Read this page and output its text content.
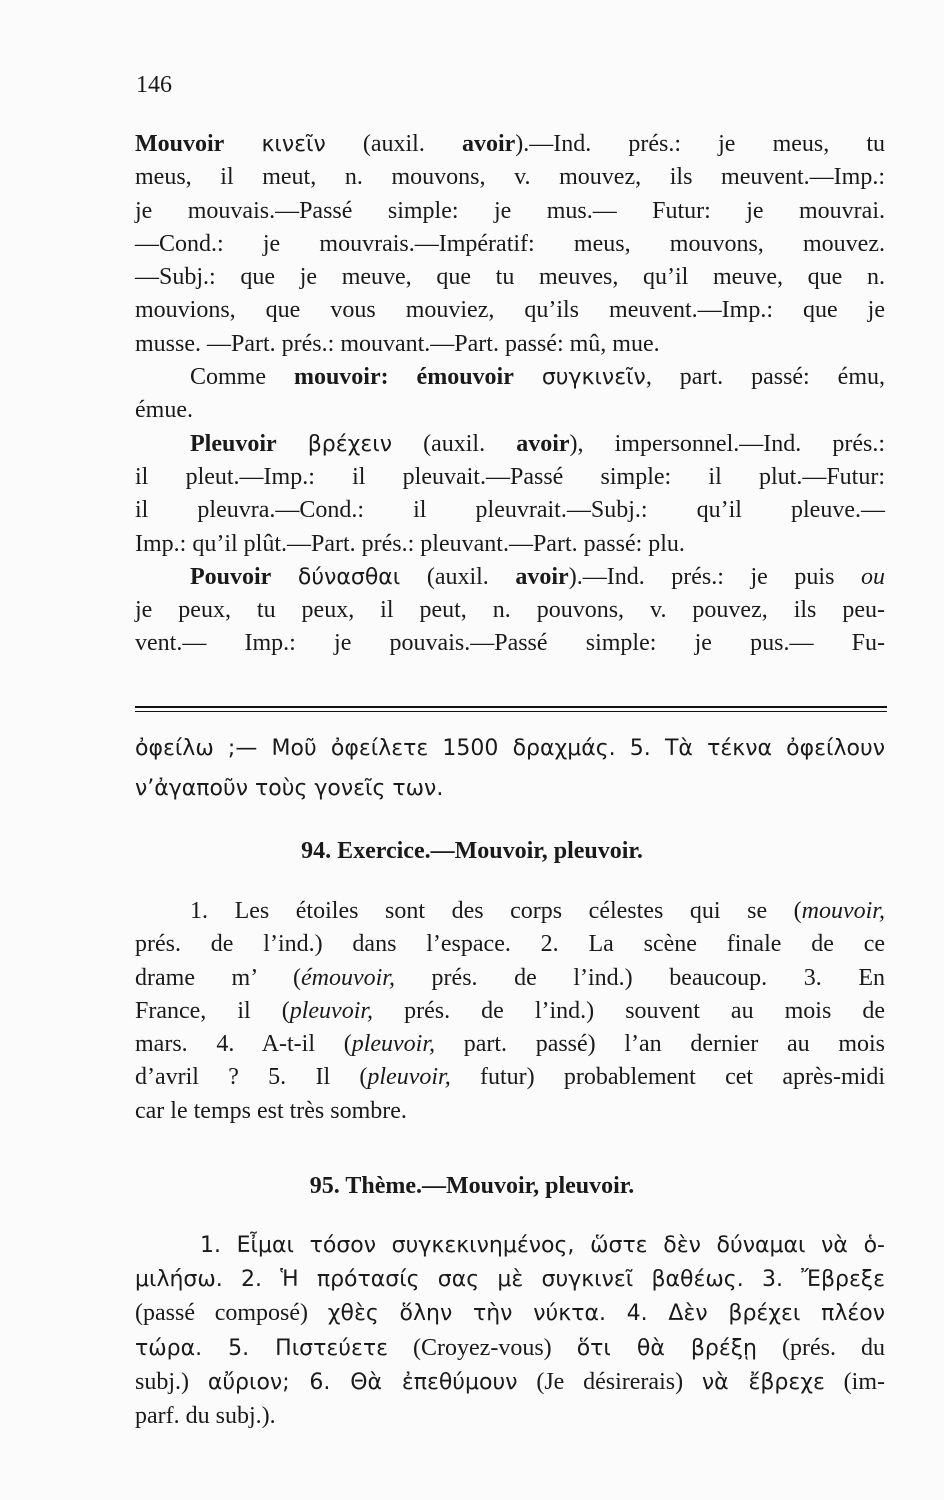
146
Mouvoir κινεῖν (auxil. avoir).—Ind. prés.: je meus, tu
meus, il meut, n. mouvons, v. mouvez, ils meuvent.—Imp.:
je mouvais.—Passé simple: je mus.— Futur: je mouvrai.
—Cond.: je mouvrais.—Impératif: meus, mouvons, mouvez.
—Subj.: que je meuve, que tu meuves, qu’il meuve, que n.
mouvions, que vous mouviez, qu’ils meuvent.—Imp.: que je
musse. —Part. prés.: mouvant.—Part. passé: mû, mue.
Comme mouvoir: émouvoir συγκινεῖν, part. passé: ému,
émue.
Pleuvoir βρέχειν (auxil. avoir), impersonnel.—Ind. prés.:
il pleut.—Imp.: il pleuvait.—Passé simple: il plut.—Futur:
il pleuvra.—Cond.: il pleuvrait.—Subj.: qu’il pleuve.—
Imp.: qu’il plût.—Part. prés.: pleuvant.—Part. passé: plu.
Pouvoir δύνασθαι (auxil. avoir).—Ind. prés.: je puis ou
je peux, tu peux, il peut, n. pouvons, v. pouvez, ils peu-
vent.— Imp.: je pouvais.—Passé simple: je pus.— Fu-
ὀφείλω ;— Μοῦ ὀφείλετε 1500 δραχμάς. 5. Τὰ τέκνα ὀφείλουν
ν’ἀγαποῦν τοὺς γονεῖς των.
94. Exercice.—Mouvoir, pleuvoir.
1. Les étoiles sont des corps célestes qui se (mouvoir,
prés. de l’ind.) dans l’espace. 2. La scène finale de ce
drame m’ (émouvoir, prés. de l’ind.) beaucoup. 3. En
France, il (pleuvoir, prés. de l’ind.) souvent au mois de
mars. 4. A-t-il (pleuvoir, part. passé) l’an dernier au mois
d’avril ? 5. Il (pleuvoir, futur) probablement cet après-midi
car le temps est très sombre.
95. Thème.—Mouvoir, pleuvoir.
1. Εἶμαι τόσον συγκεκινημένος, ὥστε δὲν δύναμαι νὰ ὁ-
μιλήσω. 2. Ἡ πρότασίς σας μὲ συγκινεῖ βαθέως. 3. Ἔβρεξε
(passé composé) χθὲς ὅλην τὴν νύκτα. 4. Δὲν βρέχει πλέον
τώρα. 5. Πιστεύετε (Croyez-vous) ὅτι θὰ βρέξῃ (prés. du
subj.) αὔριον; 6. Θὰ ἐπεθύμουν (Je désirerais) νὰ ἔβρεχε (im-
parf. du subj.).
